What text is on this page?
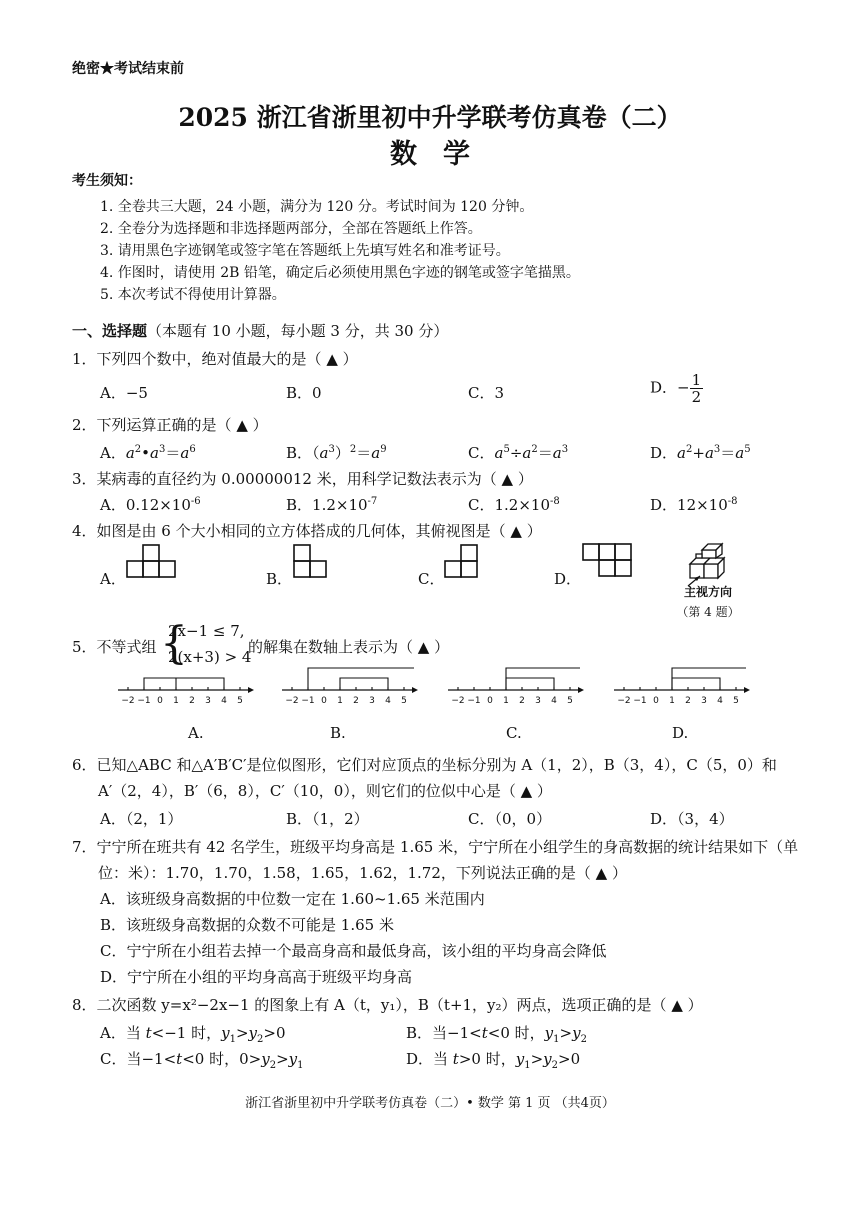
绝密★考试结束前
2025 浙江省浙里初中升学联考仿真卷（二）
数学
考生须知：
1. 全卷共三大题，24 小题，满分为 120 分。考试时间为 120 分钟。
2. 全卷分为选择题和非选择题两部分，全部在答题纸上作答。
3. 请用黑色字迹钢笔或签字笔在答题纸上先填写姓名和准考证号。
4. 作图时，请使用 2B 铅笔，确定后必须使用黑色字迹的钢笔或签字笔描黑。
5. 本次考试不得使用计算器。
一、选择题（本题有 10 小题，每小题 3 分，共 30 分）
1．下列四个数中，绝对值最大的是（ ▲ ）
A．−5	B．0	C．3	D．− $\frac{1}{2}$
2．下列运算正确的是（ ▲ ）
A．$a^2•a^3=a^6$	B．$(a^3)^2=a^9$	C．$a^5\div a^2=a^3$	D．$a^2+a^3=a^5$
3．某病毒的直径约为 0.00000012 米，用科学记数法表示为（ ▲ ）
A．$0.12\times 10^{-6}$	B．$1.2\times 10^{-7}$	C．$1.2\times 10^{-8}$	D．$12\times 10^{-8}$
4．如图是由 6 个大小相同的立方体搭成的几何体，其俯视图是（ ▲ ）
A．	B．	C．	D．
主视方向
（第 4 题）
5．不等式组 {
2x−1 ≤ 7,
2(x+3) > 4
的解集在数轴上表示为（ ▲ ）
−2 −1 0 1 2 3 4 5	−2 −1 0 1 2 3 4 5	−2 −1 0 1 2 3 4 5	−2 −1 0 1 2 3 4 5
A.	B.	C.	D.
6．已知△ABC 和△A′B′C′是位似图形，它们对应顶点的坐标分别为 A（1，2），B（3，4），C（5，0）和
A′（2，4），B′（6，8），C′（10，0），则它们的位似中心是（ ▲ ）
A．（2，1）	B．（1，2）	C．（0，0）	D．（3，4）
7．宁宁所在班共有 42 名学生，班级平均身高是 1.65 米，宁宁所在小组学生的身高数据的统计结果如下（单
位：米）：1.70，1.70，1.58，1.65，1.62，1.72，下列说法正确的是（ ▲ ）
A．该班级身高数据的中位数一定在 1.60~1.65 米范围内
B．该班级身高数据的众数不可能是 1.65 米
C．宁宁所在小组若去掉一个最高身高和最低身高，该小组的平均身高会降低
D．宁宁所在小组的平均身高高于班级平均身高
8．二次函数 y=x²−2x−1 的图象上有 A（t，y₁），B（t+1，y₂）两点，选项正确的是（ ▲ ）
A．当 t<−1 时，$y_1>y_2>0$	B．当−1<t<0 时，$y_1>y_2$
C．当−1<t<0 时，$0>y_2>y_1$	D．当 t>0 时，$y_1>y_2>0$
浙江省浙里初中升学联考仿真卷（二）• 数学 第 1 页 （共4页）
